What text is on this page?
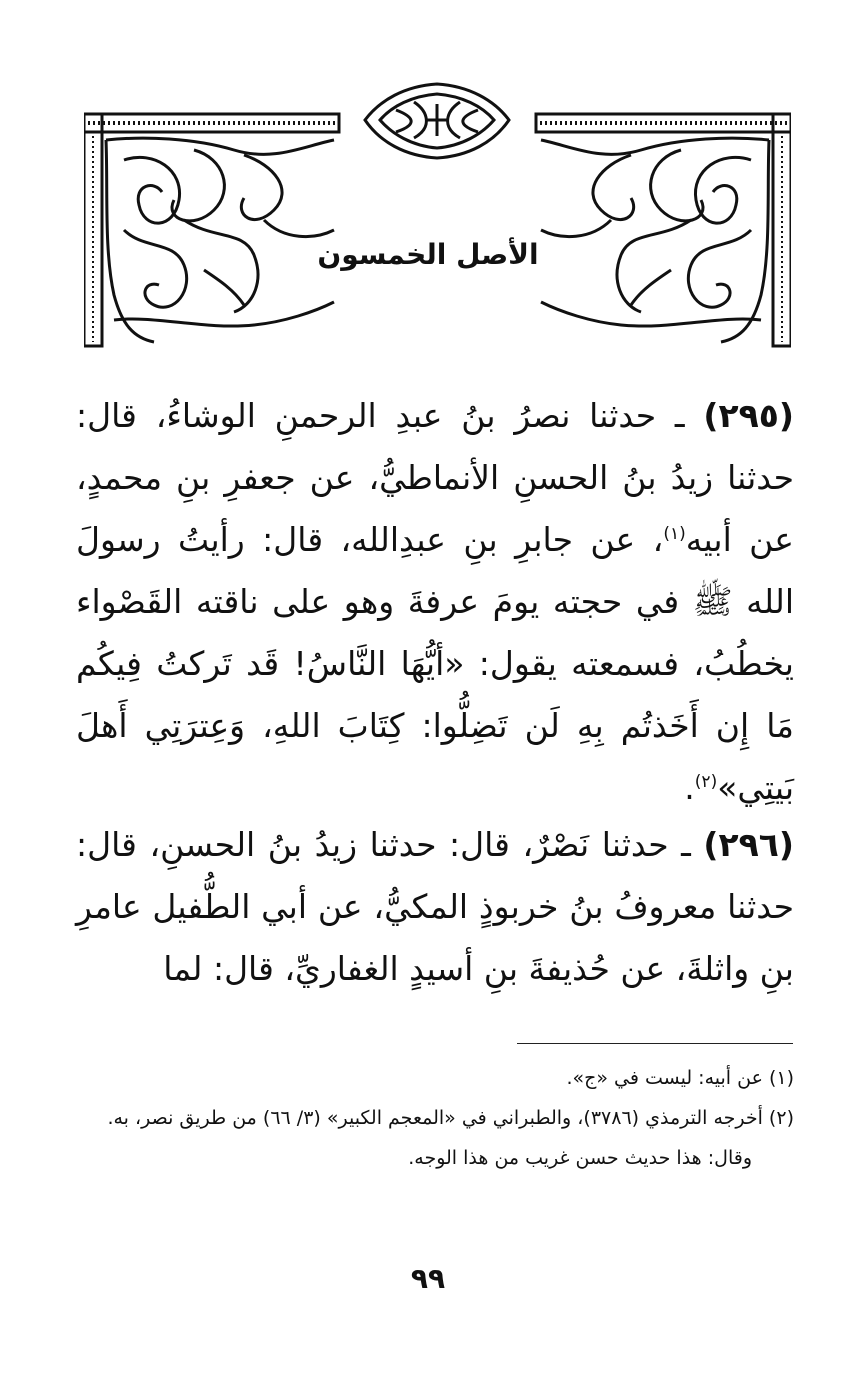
الأصل الخمسون

(٢٩٥) ـ حدثنا نصرُ بنُ عبدِ الرحمنِ الوشاءُ، قال: حدثنا زيدُ بنُ الحسنِ الأنماطيُّ، عن جعفرِ بنِ محمدٍ، عن أبيه$^{(١)}$، عن جابرِ بنِ عبدِالله، قال: رأيتُ رسولَ الله ﷺ في حجته يومَ عرفةَ وهو على ناقته القَصْواء يخطُبُ، فسمعته يقول: «أيُّهَا النَّاسُ! قَد تَركتُ فِيكُم مَا إِن أَخَذتُم بِهِ لَن تَضِلُّوا: كِتَابَ اللهِ، وَعِترَتِي أَهلَ بَيتِي»$^{(٢)}$.

(٢٩٦) ـ حدثنا نَصْرٌ، قال: حدثنا زيدُ بنُ الحسنِ، قال: حدثنا معروفُ بنُ خربوذٍ المكيُّ، عن أبي الطُّفيل عامرِ بنِ واثلةَ، عن حُذيفةَ بنِ أسيدٍ الغفاريِّ، قال: لما

(١) عن أبيه: ليست في «ج».

(٢) أخرجه الترمذي (٣٧٨٦)، والطبراني في «المعجم الكبير» (٣/ ٦٦) من طريق نصر، به.

وقال: هذا حديث حسن غريب من هذا الوجه.

٩٩
